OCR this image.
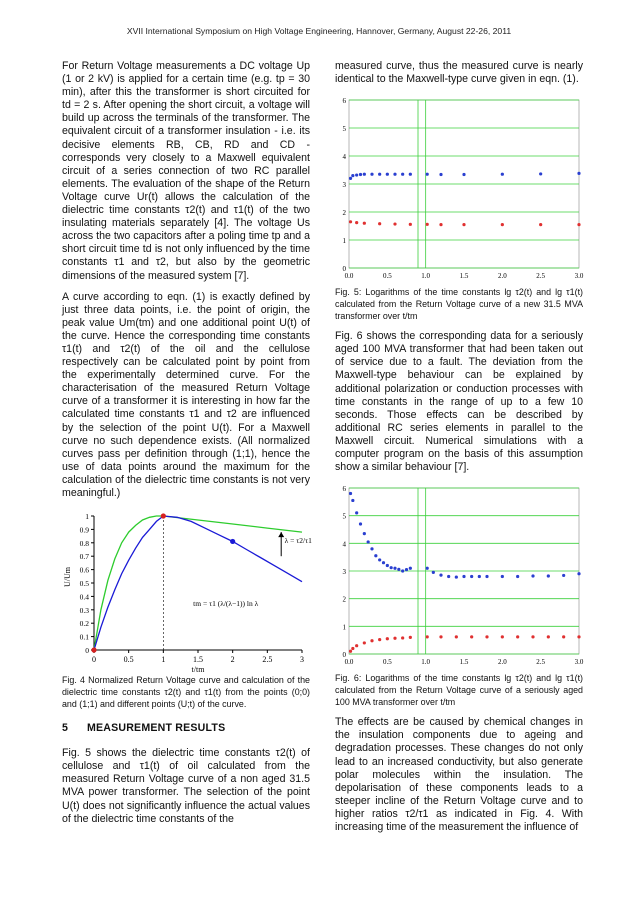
XVII International Symposium on High Voltage Engineering, Hannover, Germany, August 22-26, 2011

For Return Voltage measurements a DC voltage Up (1 or 2 kV) is applied for a certain time (e.g. tp = 30 min), after this the transformer is short circuited for td = 2 s. After opening the short circuit, a voltage will build up across the terminals of the transformer. The equivalent circuit of a transformer insulation - i.e. its decisive elements RB, CB, RD and CD - corresponds very closely to a Maxwell equivalent circuit of a series connection of two RC parallel elements. The evaluation of the shape of the Return Voltage curve Ur(t) allows the calculation of the dielectric time constants τ2(t) and τ1(t) of the two insulating materials separately [4]. The voltage Us across the two capacitors after a poling time tp and a short circuit time td is not only influenced by the time constants τ1 and τ2, but also by the geometric dimensions of the measured system [7].

A curve according to eqn. (1) is exactly defined by just three data points, i.e. the point of origin, the peak value Um(tm) and one additional point U(t) of the curve. Hence the corresponding time constants τ1(t) and τ2(t) of the oil and the cellulose respectively can be calculated point by point from the experimentally determined curve. For the characterisation of the measured Return Voltage curve of a transformer it is interesting in how far the calculated time constants τ1 and τ2 are influenced by the selection of the point U(t). For a Maxwell curve no such dependence exists. (All normalized curves pass per definition through (1;1), hence the use of data points around the maximum for the calculation of the dielectric time constants is not very meaningful.)

0	0.5	1	1.5	2	2.5	3
0
0.1
0.2
0.3
0.4
0.5
0.6
0.7
0.8
0.9
1
U/Um
t/tm
λ = τ2/τ1
tm = τ1 (λ/(λ−1)) ln λ

Fig. 4 Normalized Return Voltage curve and calculation of the dielectric time constants τ2(t) and τ1(t) from the points (0;0) and (1;1) and different points (U;t) of the curve.

5 MEASUREMENT RESULTS

Fig. 5 shows the dielectric time constants τ2(t) of cellulose and τ1(t) of oil calculated from the measured Return Voltage curve of a non aged 31.5 MVA power transformer. The selection of the point U(t) does not significantly influence the actual values of the dielectric time constants of the

measured curve, thus the measured curve is nearly identical to the Maxwell-type curve given in eqn. (1).

0
1
2
3
4
5
6
0.0	0.5	1.0	1.5	2.0	2.5	3.0

Fig. 5: Logarithms of the time constants lg τ2(t) and lg τ1(t) calculated from the Return Voltage curve of a new 31.5 MVA transformer over t/tm

Fig. 6 shows the corresponding data for a seriously aged 100 MVA transformer that had been taken out of service due to a fault. The deviation from the Maxwell-type behaviour can be explained by additional polarization or conduction processes with time constants in the range of up to a few 10 seconds. Those effects can be described by additional RC series elements in parallel to the Maxwell circuit. Numerical simulations with a computer program on the basis of this assumption show a similar behaviour [7].

0
1
2
3
4
5
6
0.0	0.5	1.0	1.5	2.0	2.5	3.0

Fig. 6: Logarithms of the time constants lg τ2(t) and lg τ1(t) calculated from the Return Voltage curve of a seriously aged 100 MVA transformer over t/tm

The effects are be caused by chemical changes in the insulation components due to ageing and degradation processes. These changes do not only lead to an increased conductivity, but also generate polar molecules within the insulation. The depolarisation of these components leads to a steeper incline of the Return Voltage curve and to higher ratios τ2/τ1 as indicated in Fig. 4. With increasing time of the measurement the influence of
